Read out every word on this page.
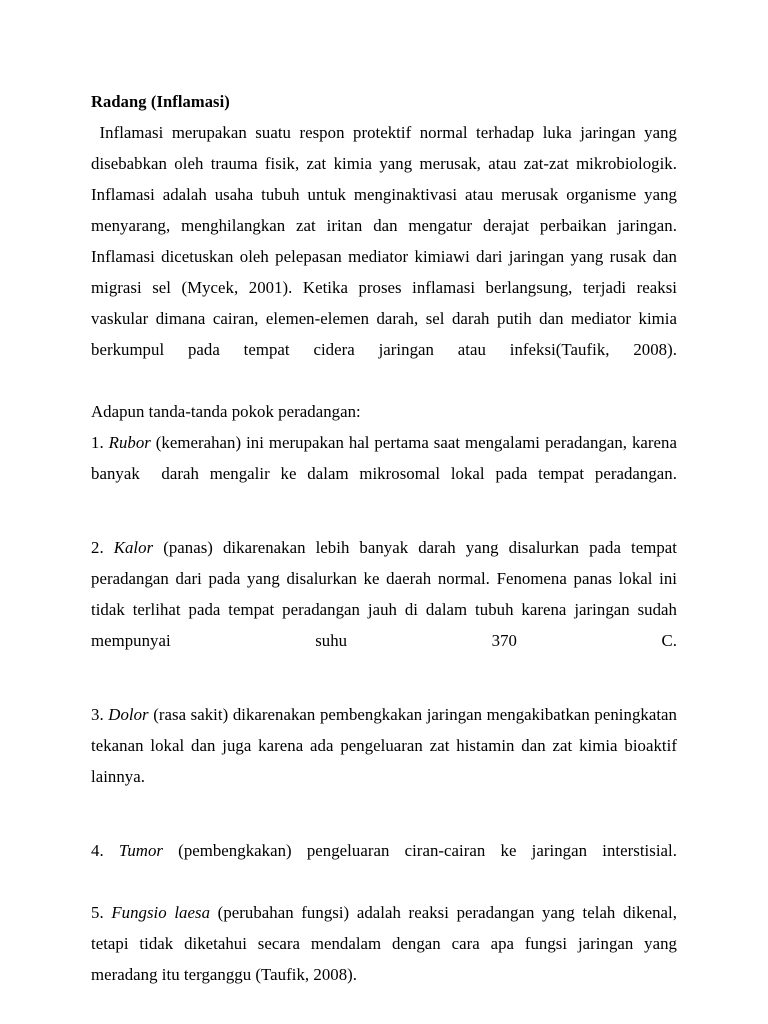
Radang (Inflamasi)

Inflamasi merupakan suatu respon protektif normal terhadap luka jaringan yang disebabkan oleh trauma fisik, zat kimia yang merusak, atau zat-zat mikrobiologik. Inflamasi adalah usaha tubuh untuk menginaktivasi atau merusak organisme yang menyarang, menghilangkan zat iritan dan mengatur derajat perbaikan jaringan. Inflamasi dicetuskan oleh pelepasan mediator kimiawi dari jaringan yang rusak dan migrasi sel (Mycek, 2001). Ketika proses inflamasi berlangsung, terjadi reaksi vaskular dimana cairan, elemen-elemen darah, sel darah putih dan mediator kimia berkumpul pada tempat cidera jaringan atau infeksi(Taufik, 2008).

Adapun tanda-tanda pokok peradangan:

1. Rubor (kemerahan) ini merupakan hal pertama saat mengalami peradangan, karena banyak  darah mengalir ke dalam mikrosomal lokal pada tempat peradangan.

2. Kalor (panas) dikarenakan lebih banyak darah yang disalurkan pada tempat peradangan dari pada yang disalurkan ke daerah normal. Fenomena panas lokal ini tidak terlihat pada tempat peradangan jauh di dalam tubuh karena jaringan sudah mempunyai suhu 370 C.

3. Dolor (rasa sakit) dikarenakan pembengkakan jaringan mengakibatkan peningkatan tekanan lokal dan juga karena ada pengeluaran zat histamin dan zat kimia bioaktif lainnya.

4. Tumor (pembengkakan) pengeluaran ciran-cairan ke jaringan interstisial.

5. Fungsio laesa (perubahan fungsi) adalah reaksi peradangan yang telah dikenal, tetapi tidak diketahui secara mendalam dengan cara apa fungsi jaringan yang meradang itu terganggu (Taufik, 2008).
